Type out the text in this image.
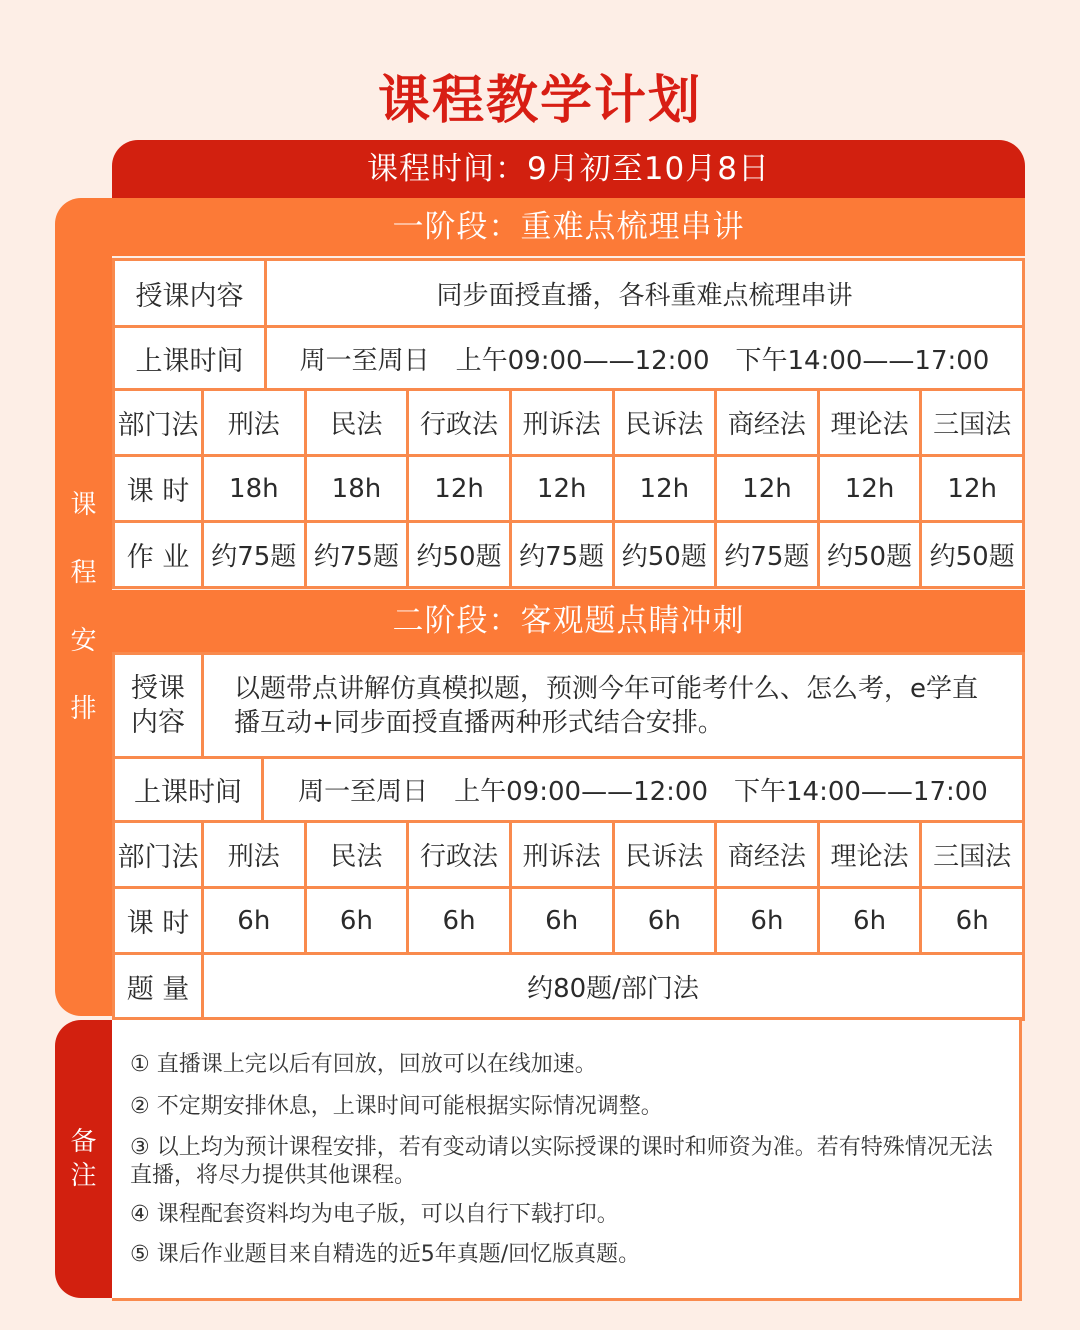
课程教学计划
课程时间：9月初至10月8日
课
程
安
排
一阶段：重难点梳理串讲
授课内容	同步面授直播，各科重难点梳理串讲
上课时间	周一至周日　上午09:00——12:00　下午14:00——17:00
部门法	刑法	民法	行政法	刑诉法	民诉法	商经法	理论法	三国法
课 时	18h	18h	12h	12h	12h	12h	12h	12h
作 业	约75题	约75题	约50题	约75题	约50题	约75题	约50题	约50题
二阶段：客观题点睛冲刺
授课
内容	以题带点讲解仿真模拟题，预测今年可能考什么、怎么考，e学直播互动+同步面授直播两种形式结合安排。	
上课时间		周一至周日　上午09:00——12:00　下午14:00——17:00
部门法	刑法	民法	行政法	刑诉法	民诉法	商经法	理论法	三国法
课 时	6h	6h	6h	6h	6h	6h	6h	6h
题 量	约80题/部门法							
备
注

① 直播课上完以后有回放，回放可以在线加速。

② 不定期安排休息，上课时间可能根据实际情况调整。

③ 以上均为预计课程安排，若有变动请以实际授课的课时和师资为准。若有特殊情况无法直播，将尽力提供其他课程。

④ 课程配套资料均为电子版，可以自行下载打印。

⑤ 课后作业题目来自精选的近5年真题/回忆版真题。
